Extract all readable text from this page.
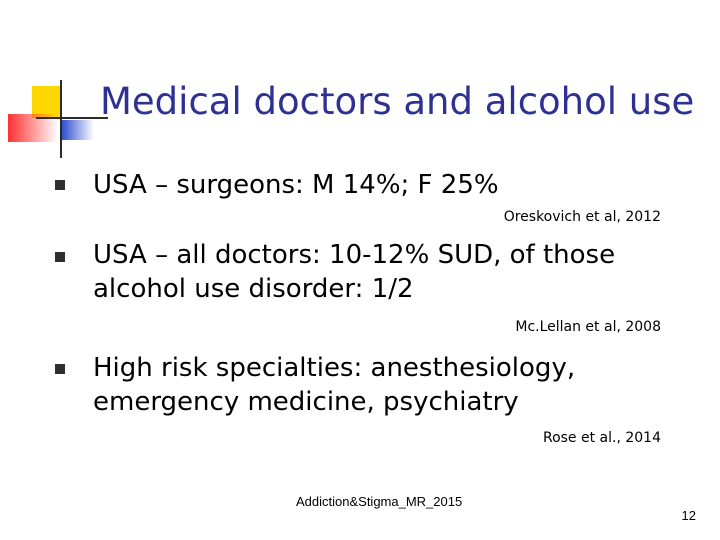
Medical doctors and alcohol use
USA – surgeons: M 14%; F 25%
Oreskovich et al, 2012
USA – all doctors: 10-12% SUD, of those
alcohol use disorder: 1/2
Mc.Lellan et al, 2008
High risk specialties: anesthesiology,
emergency medicine, psychiatry
Rose et al., 2014
Addiction&Stigma_MR_2015
12
